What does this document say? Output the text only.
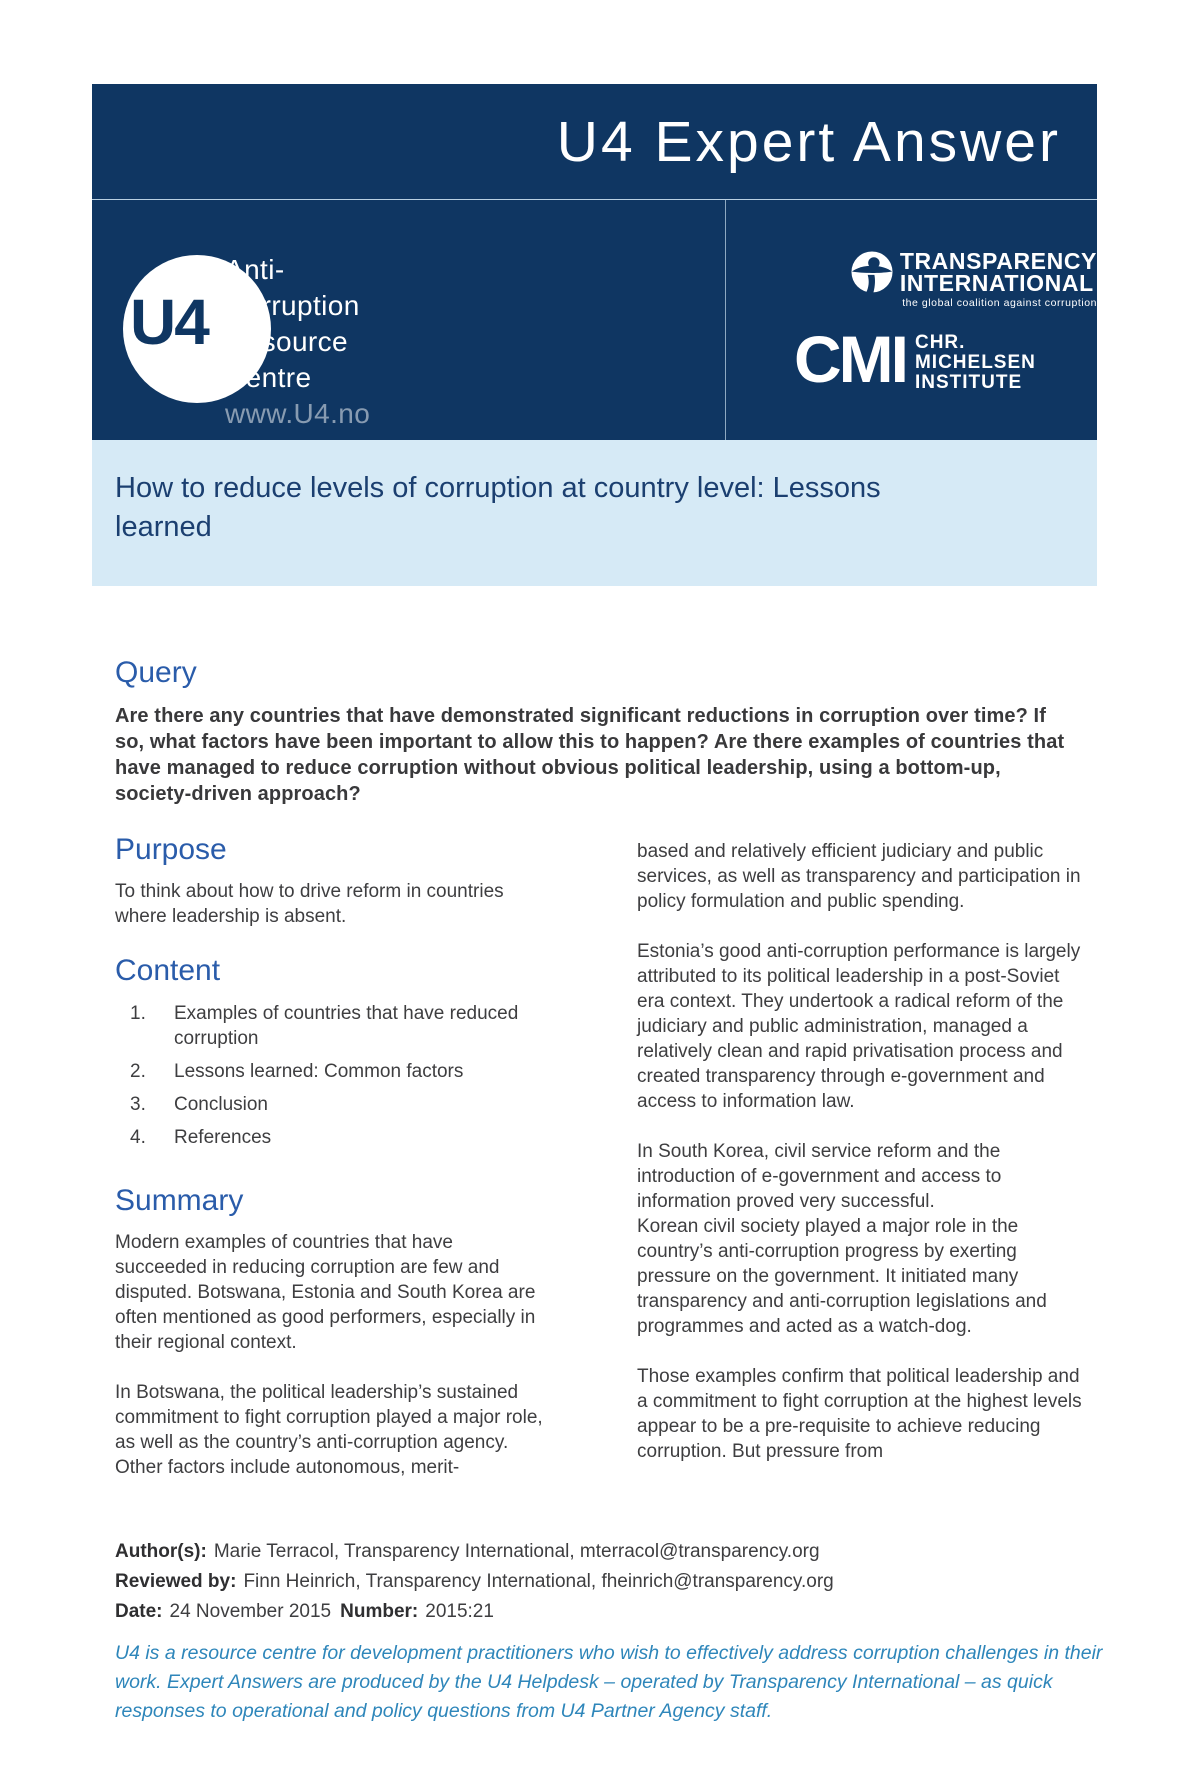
U4 Expert Answer
U4
Anti-
Corruption
Resource
Centre
www.U4.no
TRANSPARENCY
INTERNATIONAL
the global coalition against corruption
CMI CHR.
MICHELSEN
INSTITUTE
How to reduce levels of corruption at country level: Lessons learned
Query

Are there any countries that have demonstrated significant reductions in corruption over time? If so, what factors have been important to allow this to happen? Are there examples of countries that have managed to reduce corruption without obvious political leadership, using a bottom-up, society-driven approach?

Purpose

To think about how to drive reform in countries where leadership is absent.

Content
1.	Examples of countries that have reduced corruption
2.	Lessons learned: Common factors
3.	Conclusion
4.	References
Summary

Modern examples of countries that have succeeded in reducing corruption are few and disputed. Botswana, Estonia and South Korea are often mentioned as good performers, especially in their regional context.

In Botswana, the political leadership’s sustained commitment to fight corruption played a major role, as well as the country’s anti-corruption agency. Other factors include autonomous, merit-

based and relatively efficient judiciary and public services, as well as transparency and participation in policy formulation and public spending.

Estonia’s good anti-corruption performance is largely attributed to its political leadership in a post-Soviet era context. They undertook a radical reform of the judiciary and public administration, managed a relatively clean and rapid privatisation process and created transparency through e-government and access to information law.

In South Korea, civil service reform and the introduction of e-government and access to information proved very successful.

Korean civil society played a major role in the country’s anti-corruption progress by exerting pressure on the government. It initiated many transparency and anti-corruption legislations and programmes and acted as a watch-dog.

Those examples confirm that political leadership and a commitment to fight corruption at the highest levels appear to be a pre-requisite to achieve reducing corruption. But pressure from

Author(s): Marie Terracol, Transparency International, mterracol@transparency.org
Reviewed by: Finn Heinrich, Transparency International, fheinrich@transparency.org
Date: 24 November 2015 Number: 2015:21

U4 is a resource centre for development practitioners who wish to effectively address corruption challenges in their work. Expert Answers are produced by the U4 Helpdesk – operated by Transparency International – as quick responses to operational and policy questions from U4 Partner Agency staff.
